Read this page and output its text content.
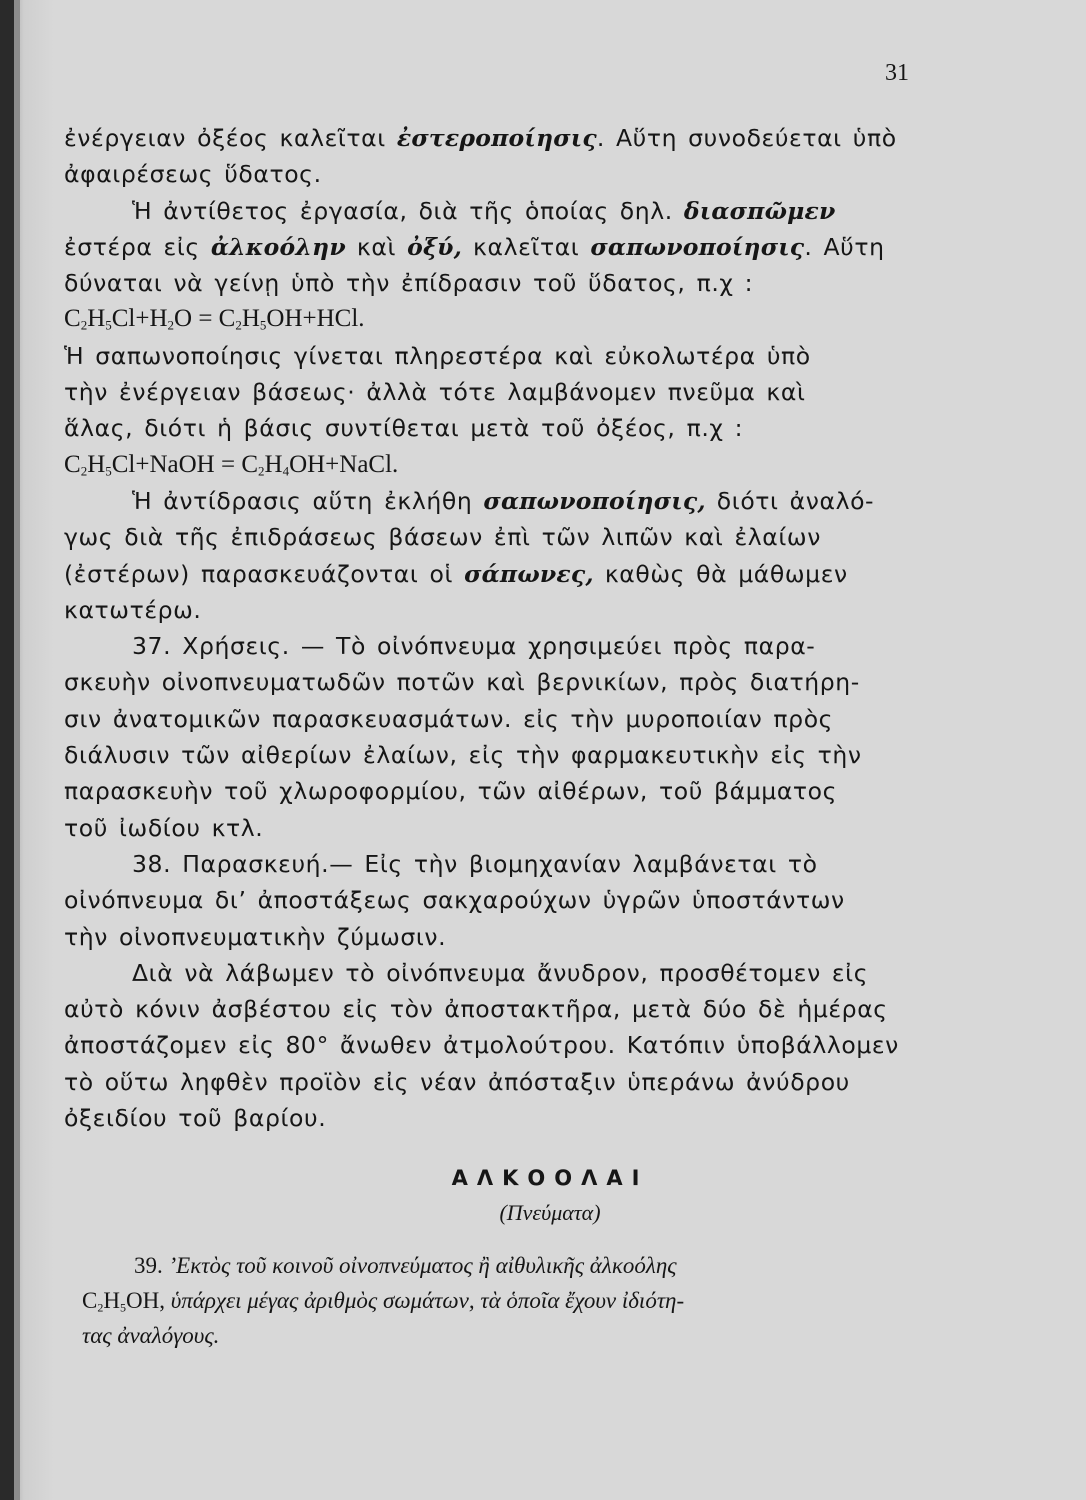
31

ἐνέργειαν ὀξέος καλεῖται ἐστεροποίησις. Αὕτη συνοδεύεται ὑπὸ

ἀφαιρέσεως ὕδατος.

Ἡ ἀντίθετος ἐργασία, διὰ τῆς ὁποίας δηλ. διασπῶμεν

ἐστέρα εἰς ἀλκοόλην καὶ ὀξύ, καλεῖται σαπωνοποίησις. Αὕτη

δύναται νὰ γείνῃ ὑπὸ τὴν ἐπίδρασιν τοῦ ὕδατος, π.χ :

$C_2H_5Cl+H_2O = C_2H_5OH+HCl$.

Ἡ σαπωνοποίησις γίνεται πληρεστέρα καὶ εὐκολωτέρα ὑπὸ

τὴν ἐνέργειαν βάσεως· ἀλλὰ τότε λαμβάνομεν πνεῦμα καὶ

ἅλας, διότι ἡ βάσις συντίθεται μετὰ τοῦ ὀξέος, π.χ :

$C_2H_5Cl+NaOH$ = $C_2H_4OH+NaCl$.

Ἡ ἀντίδρασις αὕτη ἐκλήθη σαπωνοποίησις, διότι ἀναλό-

γως διὰ τῆς ἐπιδράσεως βάσεων ἐπὶ τῶν λιπῶν καὶ ἐλαίων

(ἐστέρων) παρασκευάζονται οἱ σάπωνες, καθὼς θὰ μάθωμεν

κατωτέρω.

37. Χρήσεις. — Τὸ οἰνόπνευμα χρησιμεύει πρὸς παρα-

σκευὴν οἰνοπνευματωδῶν ποτῶν καὶ βερνικίων, πρὸς διατήρη-

σιν ἀνατομικῶν παρασκευασμάτων. εἰς τὴν μυροποιίαν πρὸς

διάλυσιν τῶν αἰθερίων ἐλαίων, εἰς τὴν φαρμακευτικὴν εἰς τὴν

παρασκευὴν τοῦ χλωροφορμίου, τῶν αἰθέρων, τοῦ βάμματος

τοῦ ἰωδίου κτλ.

38. Παρασκευή.— Εἰς τὴν βιομηχανίαν λαμβάνεται τὸ

οἰνόπνευμα δι’ ἀποστάξεως σακχαρούχων ὑγρῶν ὑποστάντων

τὴν οἰνοπνευματικὴν ζύμωσιν.

Διὰ νὰ λάβωμεν τὸ οἰνόπνευμα ἄνυδρον, προσθέτομεν εἰς

αὐτὸ κόνιν ἀσβέστου εἰς τὸν ἀποστακτῆρα, μετὰ δύο δὲ ἡμέρας

ἀποστάζομεν εἰς 80° ἄνωθεν ἀτμολούτρου. Κατόπιν ὑποβάλλομεν

τὸ οὕτω ληφθὲν προϊὸν εἰς νέαν ἀπόσταξιν ὑπεράνω ἀνύδρου

ὀξειδίου τοῦ βαρίου.

ΑΛΚΟΟΛΑΙ
(Πνεύματα)
39. ’Εκτὸς τοῦ κοινοῦ οἰνοπνεύματος ἢ αἰθυλικῆς ἀλκοόλης
$C_2H_5OH$, ὑπάρχει μέγας ἀριθμὸς σωμάτων, τὰ ὁποῖα ἔχουν ἰδιότη-
τας ἀναλόγους.
